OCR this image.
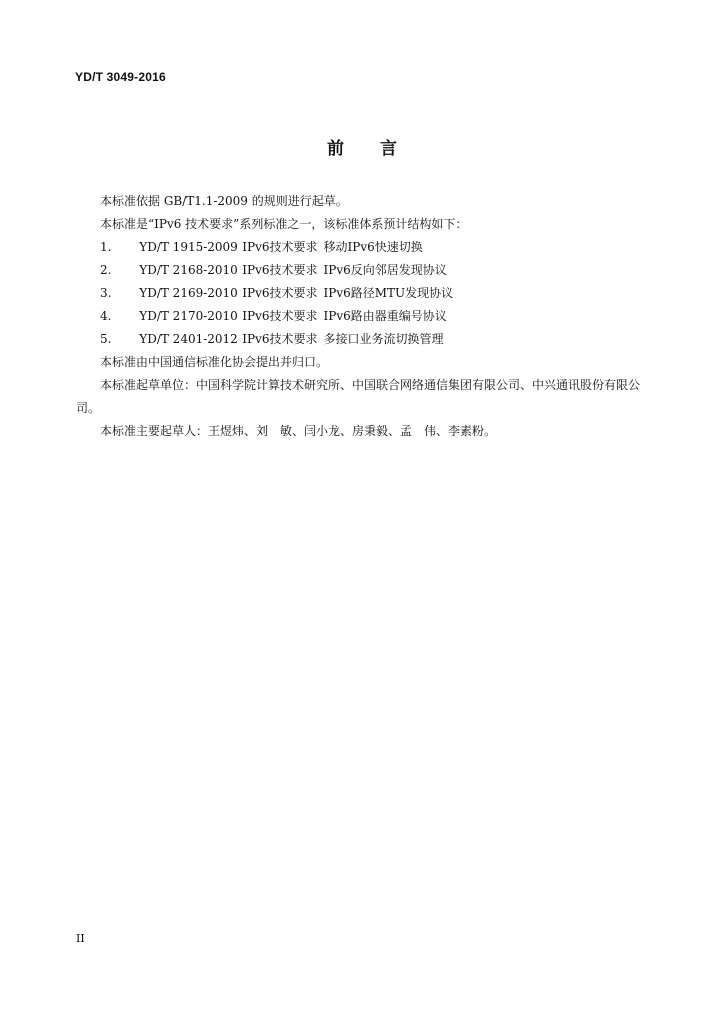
YD/T 3049-2016
前 言

本标准依据 GB/T1.1-2009 的规则进行起草。

本标准是“IPv6 技术要求”系列标准之一，该标准体系预计结构如下：

1. YD/T 1915-2009 IPv6技术要求 移动IPv6快速切换

2. YD/T 2168-2010 IPv6技术要求 IPv6反向邻居发现协议

3. YD/T 2169-2010 IPv6技术要求 IPv6路径MTU发现协议

4. YD/T 2170-2010 IPv6技术要求 IPv6路由器重编号协议

5. YD/T 2401-2012 IPv6技术要求 多接口业务流切换管理

本标准由中国通信标准化协会提出并归口。

本标准起草单位：中国科学院计算技术研究所、中国联合网络通信集团有限公司、中兴通讯股份有限公司。

本标准主要起草人：王煜炜、刘　敏、闫小龙、房秉毅、孟　伟、李素粉。

II
